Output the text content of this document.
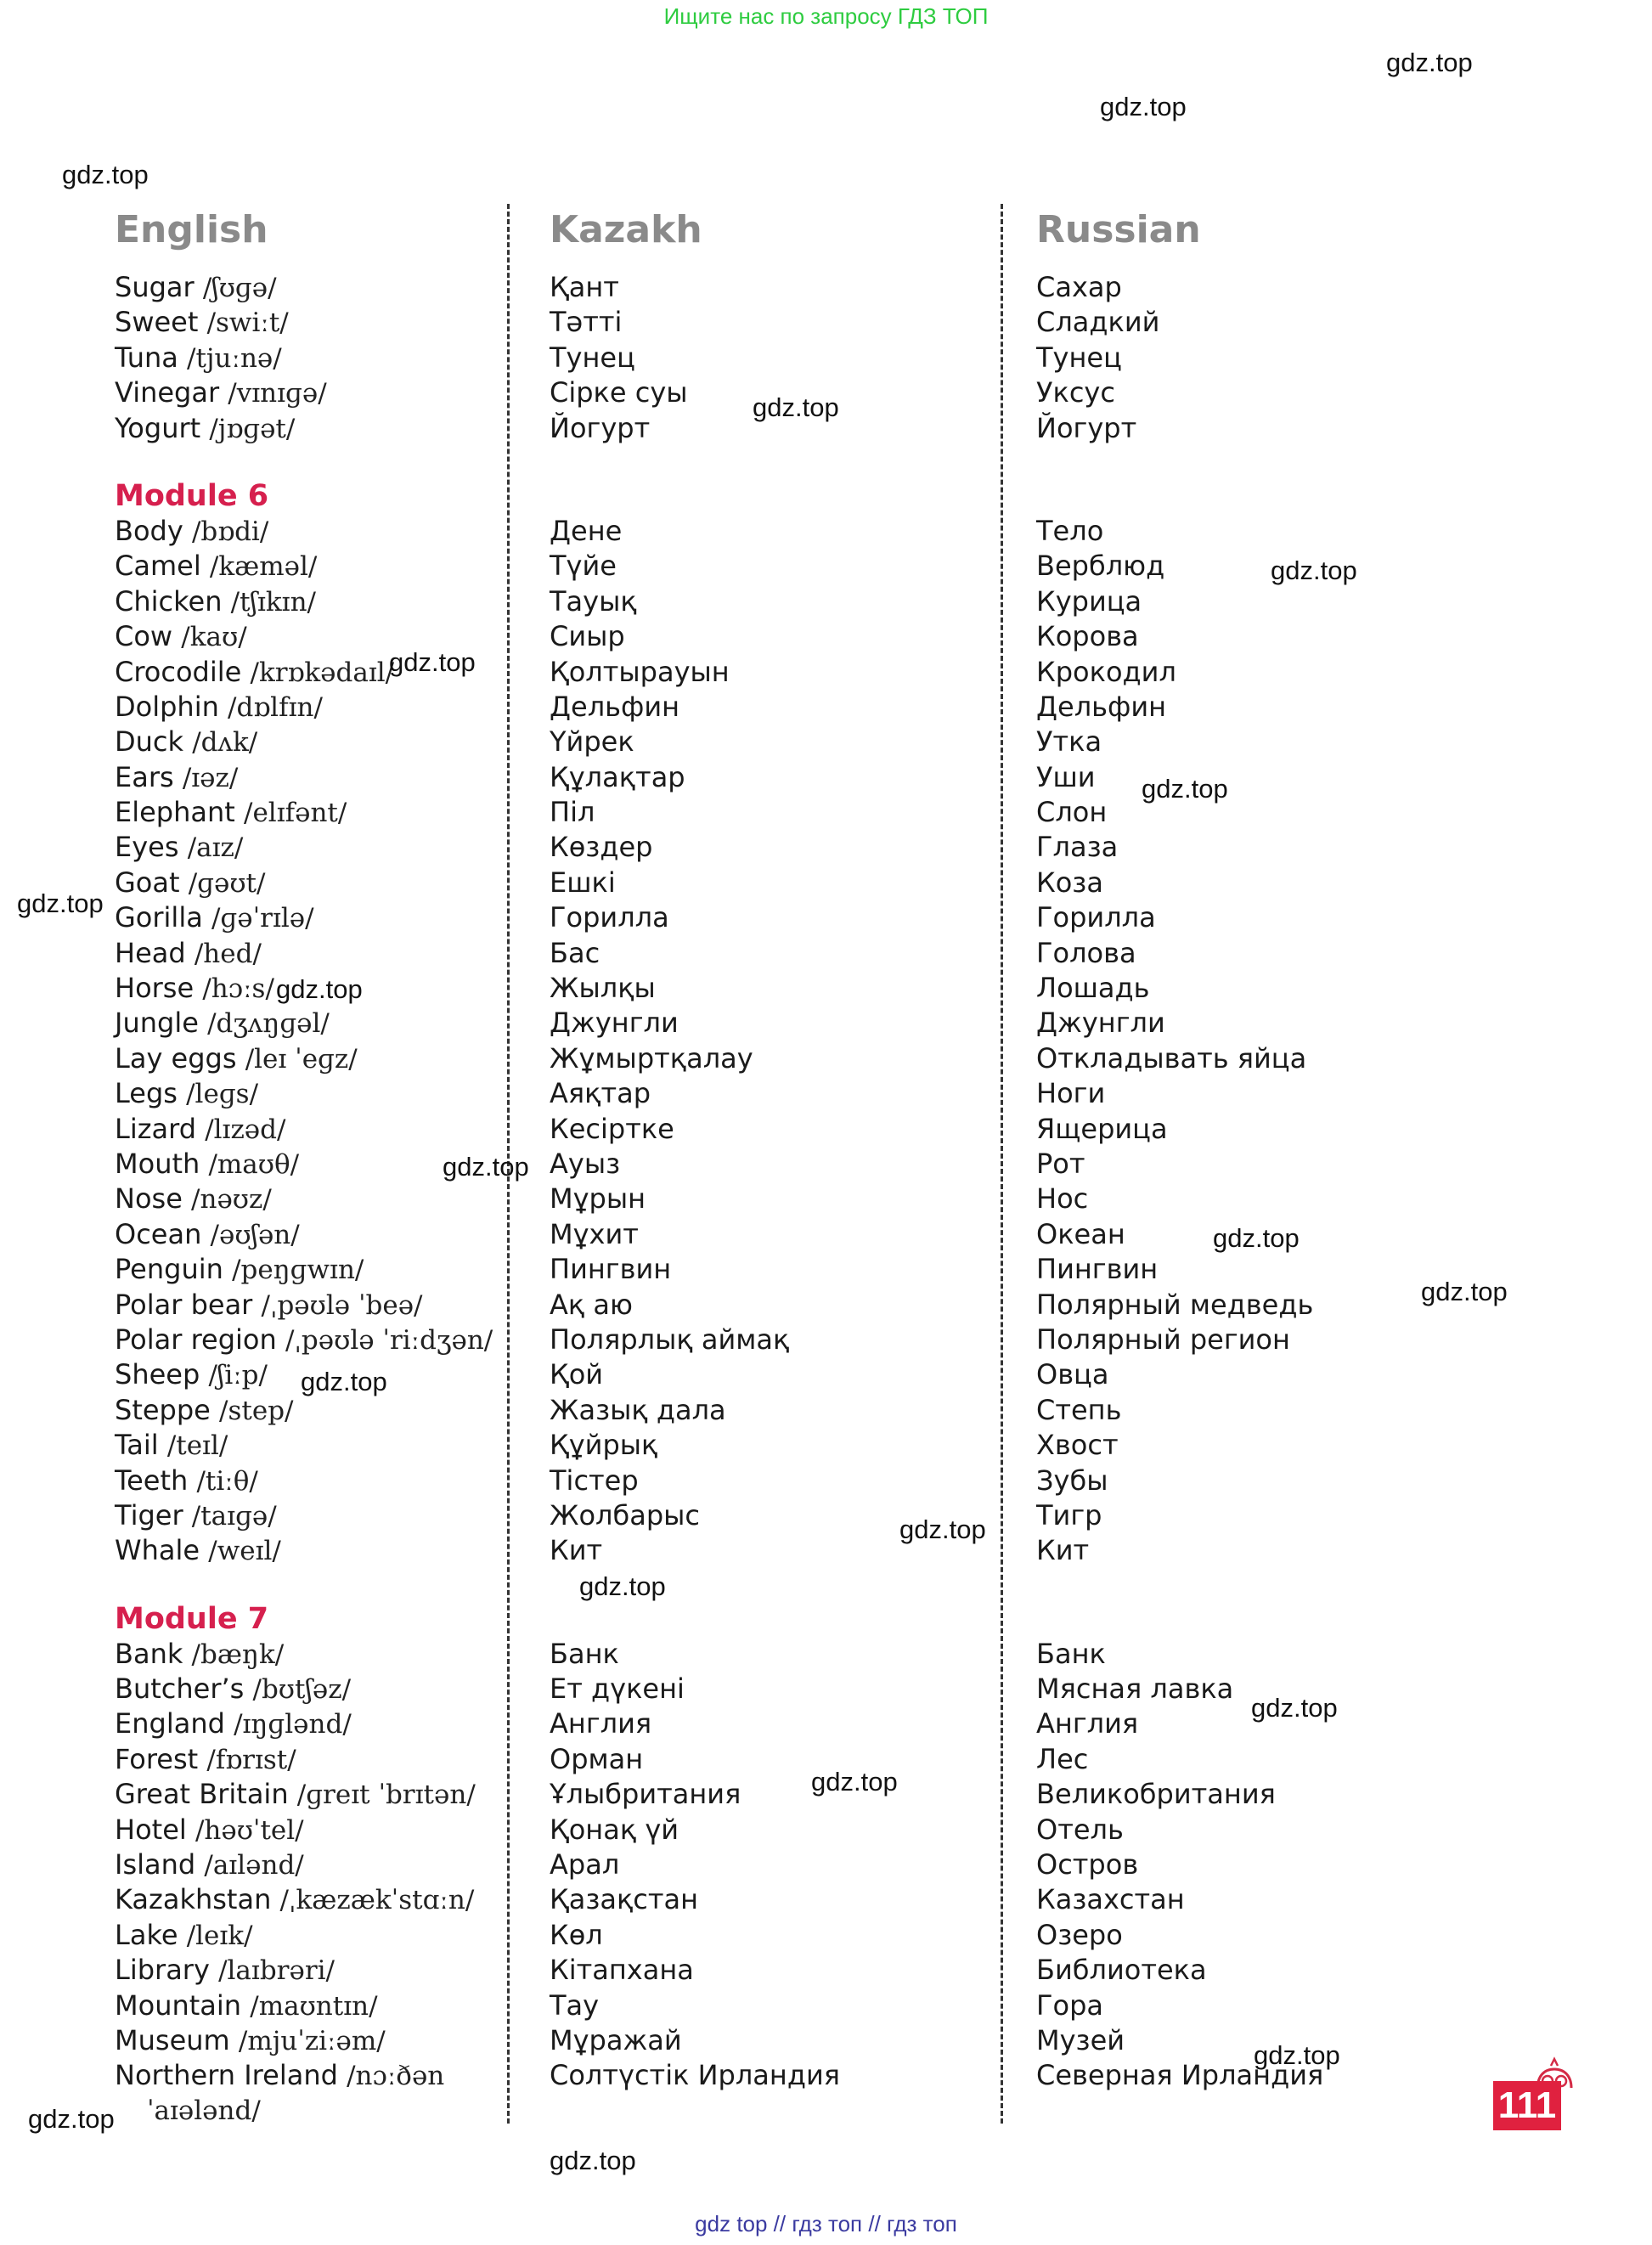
Ищите нас по запросу ГДЗ ТОП
English
Sugar /ʃʊɡə/
Sweet /swiːt/
Tuna /tjuːnə/
Vinegar /vɪnɪɡə/
Yogurt /jɒɡət/
Module 6
Body /bɒdi/
Camel /kæməl/
Chicken /tʃɪkɪn/
Cow /kaʊ/
Crocodile /krɒkədaɪl/
Dolphin /dɒlfɪn/
Duck /dʌk/
Ears /ɪəz/
Elephant /elɪfənt/
Eyes /aɪz/
Goat /ɡəʊt/
Gorilla /ɡəˈrɪlə/
Head /hed/
Horse /hɔːs/
Jungle /dʒʌŋɡəl/
Lay eggs /leɪ ˈeɡz/
Legs /leɡs/
Lizard /lɪzəd/
Mouth /maʊθ/
Nose /nəʊz/
Ocean /əʊʃən/
Penguin /peŋɡwɪn/
Polar bear /ˌpəʊlə ˈbeə/
Polar region /ˌpəʊlə ˈriːdʒən/
Sheep /ʃiːp/
Steppe /step/
Tail /teɪl/
Teeth /tiːθ/
Tiger /taɪɡə/
Whale /weɪl/
Module 7
Bank /bæŋk/
Butcher’s /bʊtʃəz/
England /ɪŋɡlənd/
Forest /fɒrɪst/
Great Britain /ɡreɪt ˈbrɪtən/
Hotel /həʊˈtel/
Island /aɪlənd/
Kazakhstan /ˌkæzækˈstɑːn/
Lake /leɪk/
Library /laɪbrəri/
Mountain /maʊntɪn/
Museum /mjuˈziːəm/
Northern Ireland /nɔːðən
ˈaɪələnd/
Kazakh
Қант
Тәтті
Тунец
Сірке суы
Йогурт
Дене
Түйе
Тауық
Сиыр
Қолтырауын
Дельфин
Үйрек
Құлақтар
Піл
Көздер
Ешкі
Горилла
Бас
Жылқы
Джунгли
Жұмыртқалау
Аяқтар
Кесіртке
Ауыз
Мұрын
Мұхит
Пингвин
Ақ аю
Полярлық аймақ
Қой
Жазық дала
Құйрық
Тістер
Жолбарыс
Кит
Банк
Ет дүкені
Англия
Орман
Ұлыбритания
Қонақ үй
Арал
Қазақстан
Көл
Кітапхана
Тау
Мұражай
Солтүстік Ирландия
Russian
Сахар
Сладкий
Тунец
Уксус
Йогурт
Тело
Верблюд
Курица
Корова
Крокодил
Дельфин
Утка
Уши
Слон
Глаза
Коза
Горилла
Голова
Лошадь
Джунгли
Откладывать яйца
Ноги
Ящерица
Рот
Нос
Океан
Пингвин
Полярный медведь
Полярный регион
Овца
Степь
Хвост
Зубы
Тигр
Кит
Банк
Мясная лавка
Англия
Лес
Великобритания
Отель
Остров
Казахстан
Озеро
Библиотека
Гора
Музей
Северная Ирландия
gdz.top
gdz.top
gdz.top
gdz.top
gdz.top
gdz.top
gdz.top
gdz.top
gdz.top
gdz.top
gdz.top
gdz.top
gdz.top
gdz.top
gdz.top
gdz.top
gdz.top
gdz.top
gdz.top
gdz.top
111
gdz top // гдз топ // гдз топ
